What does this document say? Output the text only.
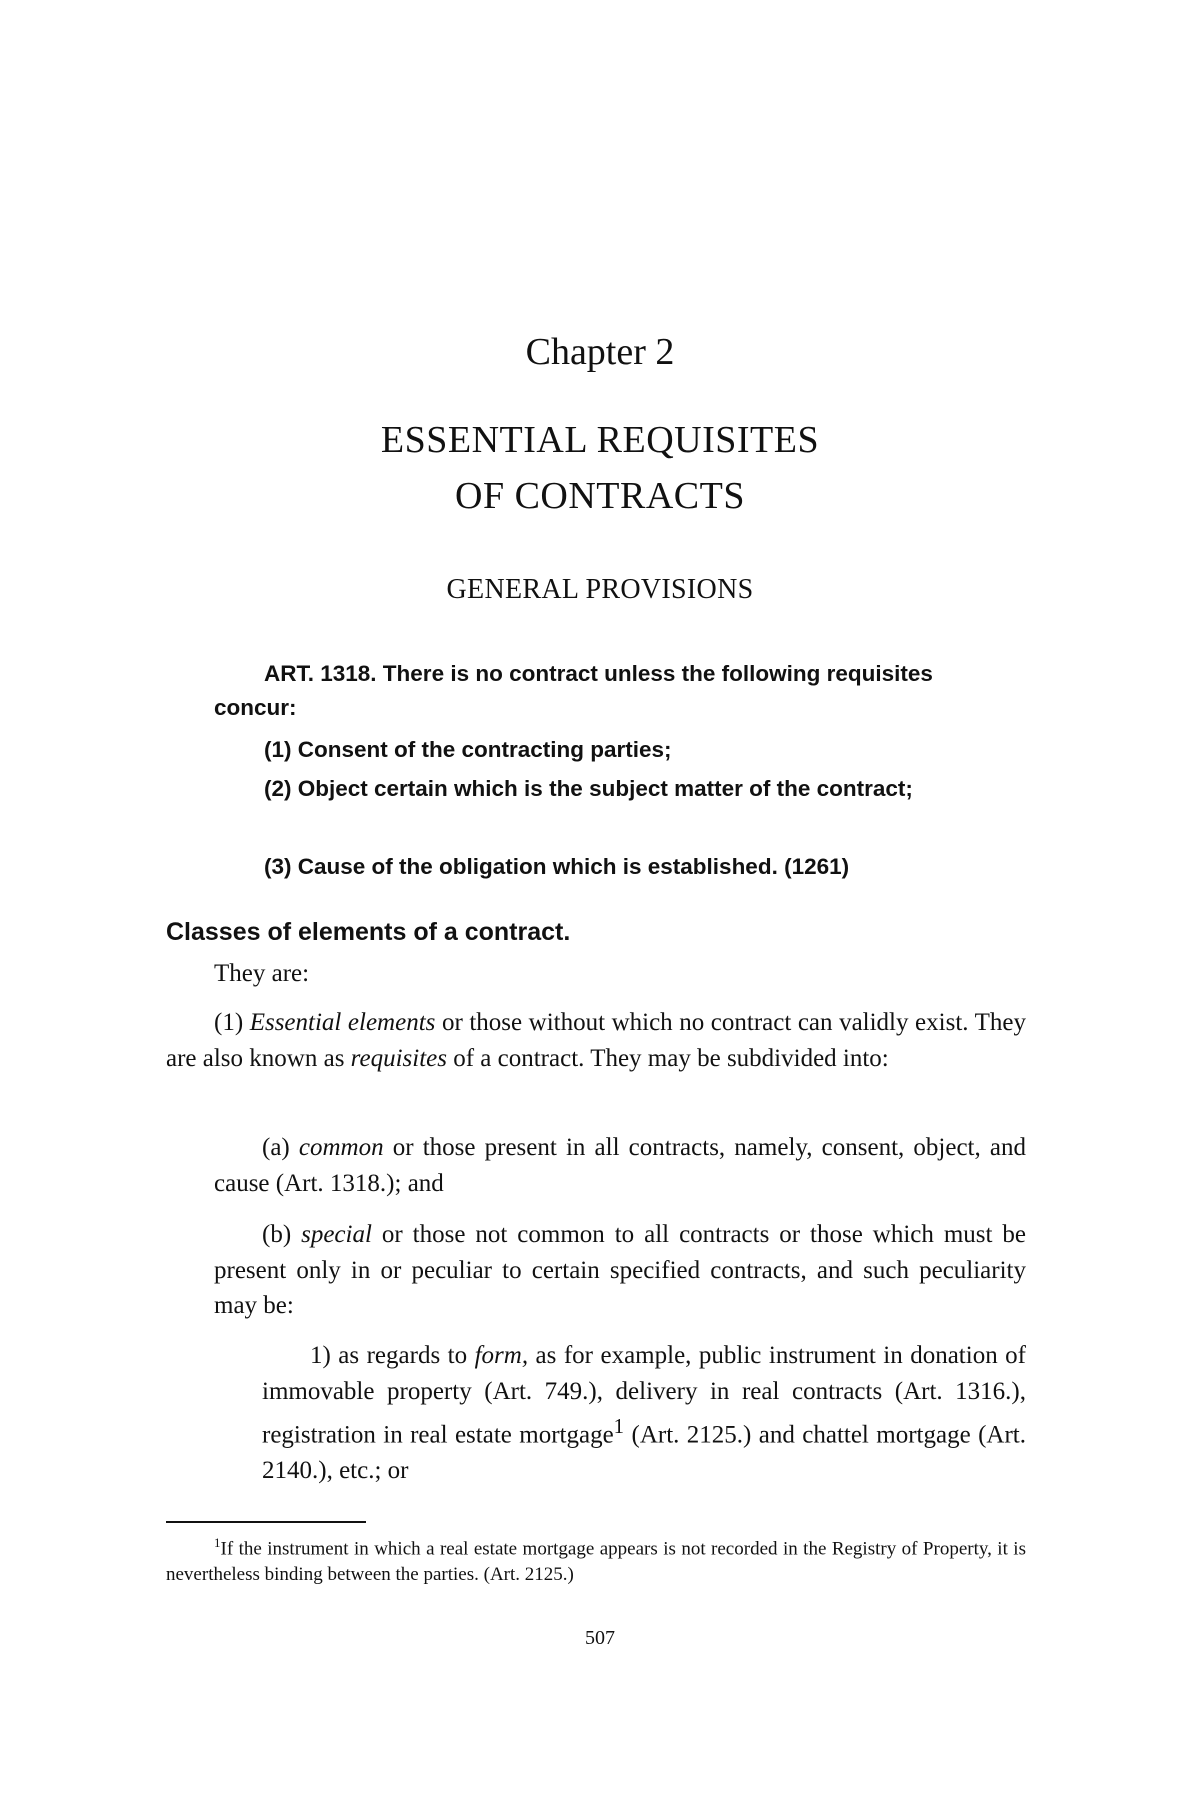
Chapter 2
ESSENTIAL REQUISITES
OF CONTRACTS
GENERAL PROVISIONS

ART. 1318. There is no contract unless the following requisites concur:

(1) Consent of the contracting parties;

(2) Object certain which is the subject matter of the contract;

(3) Cause of the obligation which is established. (1261)

Classes of elements of a contract.

They are:

(1) Essential elements or those without which no contract can validly exist. They are also known as requisites of a contract. They may be subdivided into:

(a) common or those present in all contracts, namely, consent, object, and cause (Art. 1318.); and

(b) special or those not common to all contracts or those which must be present only in or peculiar to certain specified contracts, and such peculiarity may be:

1) as regards to form, as for example, public instrument in donation of immovable property (Art. 749.), delivery in real contracts (Art. 1316.), registration in real estate mortgage$^1$ (Art. 2125.) and chattel mortgage (Art. 2140.), etc.; or

$^1$If the instrument in which a real estate mortgage appears is not recorded in the Registry of Property, it is nevertheless binding between the parties. (Art. 2125.)

507
